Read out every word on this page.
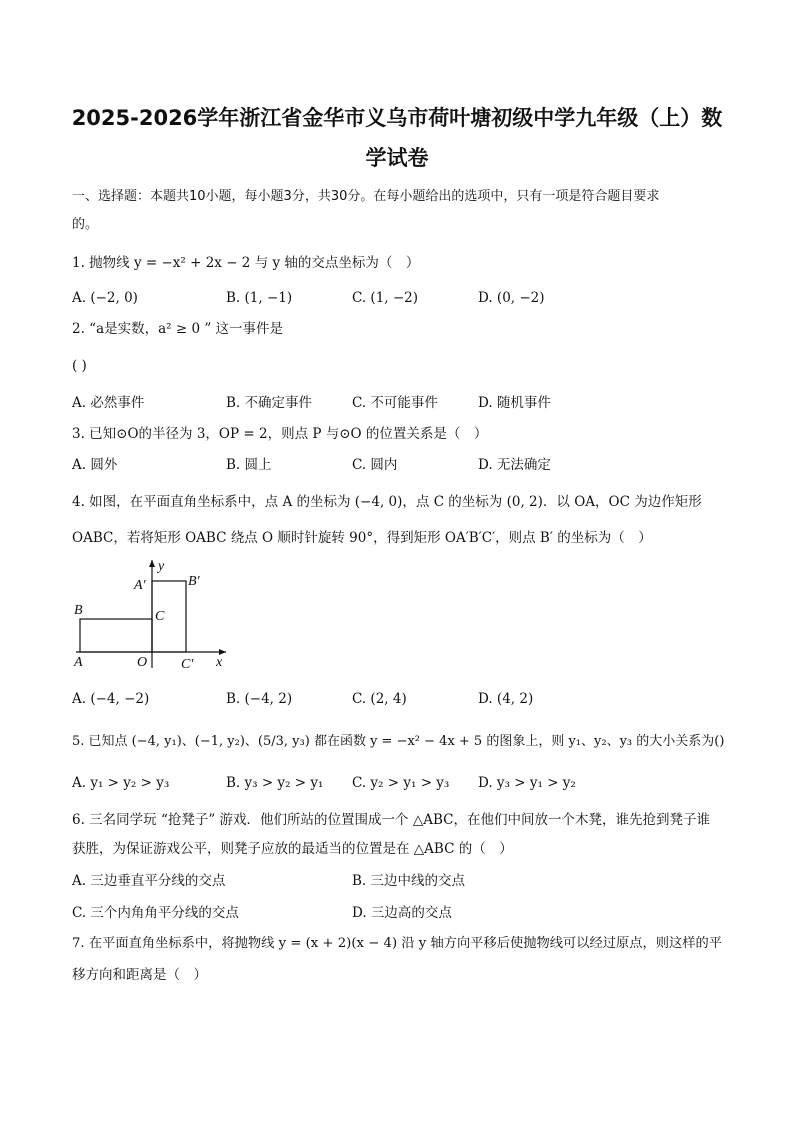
2025-2026学年浙江省金华市义乌市荷叶塘初级中学九年级（上）数
学试卷
一、选择题：本题共10小题，每小题3分，共30分。在每小题给出的选项中，只有一项是符合题目要求
的。
1. 抛物线 y = −x² + 2x − 2 与 y 轴的交点坐标为（　）
A. (−2, 0)	B. (1, −1)	C. (1, −2)	D. (0, −2)
2. “a是实数，a² ≥ 0 ” 这一事件是
( )
A. 必然事件	B. 不确定事件	C. 不可能事件	D. 随机事件
3. 已知⊙O的半径为 3，OP = 2，则点 P 与⊙O 的位置关系是（　）
A. 圆外	B. 圆上	C. 圆内	D. 无法确定
4. 如图，在平面直角坐标系中，点 A 的坐标为 (−4, 0)，点 C 的坐标为 (0, 2)．以 OA，OC 为边作矩形
OABC，若将矩形 OABC 绕点 O 顺时针旋转 90°，得到矩形 OA′B′C′，则点 B′ 的坐标为（　）
y
x
B	C
A	O C′
A′	B′
A. (−4, −2)	B. (−4, 2)	C. (2, 4)	D. (4, 2)
5. 已知点 (−4, y₁)、(−1, y₂)、(5/3, y₃) 都在函数 y = −x² − 4x + 5 的图象上，则 y₁、y₂、y₃ 的大小关系为()
A. y₁ > y₂ > y₃	B. y₃ > y₂ > y₁ C. y₂ > y₁ > y₃ D. y₃ > y₁ > y₂
6. 三名同学玩 “抢凳子” 游戏．他们所站的位置围成一个 △ABC，在他们中间放一个木凳，谁先抢到凳子谁
获胜，为保证游戏公平，则凳子应放的最适当的位置是在 △ABC 的（　）
A. 三边垂直平分线的交点	B. 三边中线的交点
C. 三个内角角平分线的交点	D. 三边高的交点
7. 在平面直角坐标系中，将抛物线 y = (x + 2)(x − 4) 沿 y 轴方向平移后使抛物线可以经过原点，则这样的平
移方向和距离是（　）
